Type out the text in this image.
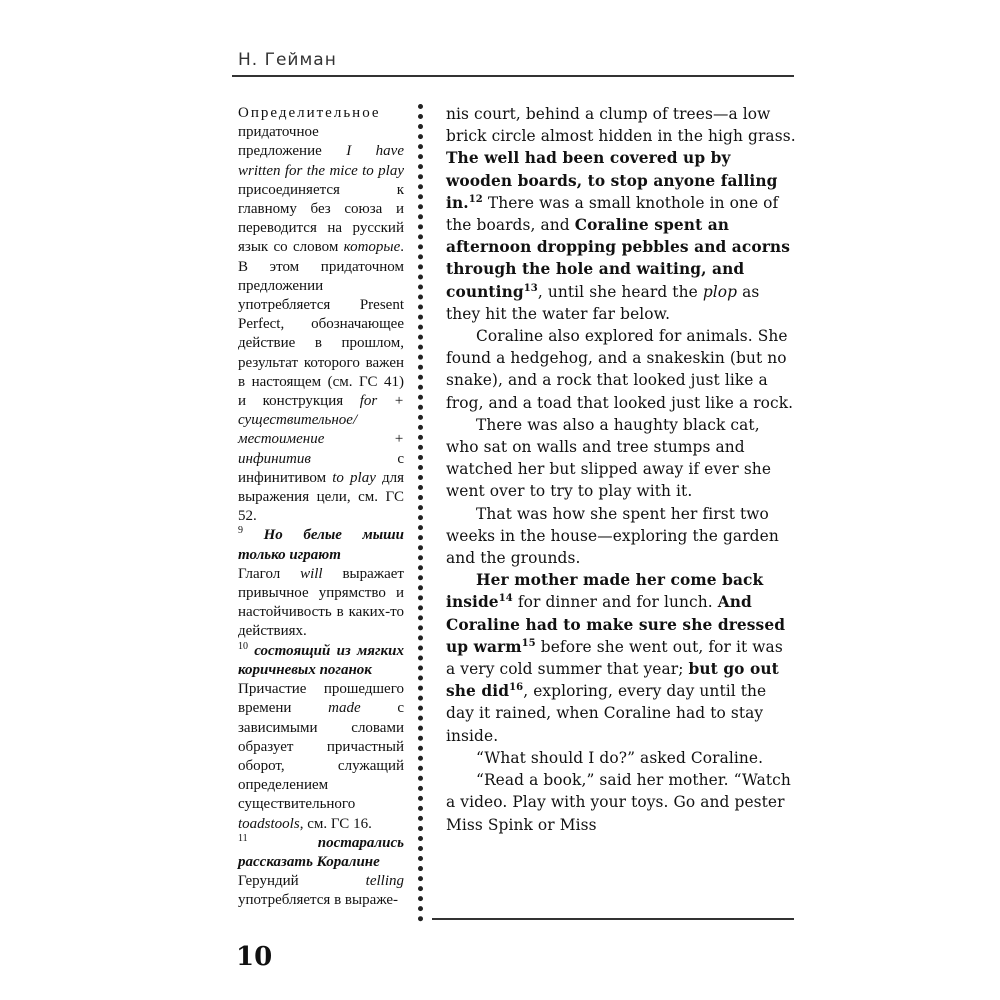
Н. Гейман

Определительное придаточное предложение I have written for the mice to play присоединяется к главному без союза и переводится на русский язык со словом которые. В этом придаточном предложении употребляется Present Perfect, обозначающее действие в прошлом, результат которого важен в настоящем (см. ГС 41) и конструкция for + существительное/местоимение + инфинитив	с инфинитивом to play для выражения цели, см. ГС 52.

$^9$ Но белые мыши только играют

Глагол will выражает привычное упрямство и настойчивость в каких-то действиях.

$^{10}$ состоящий из мягких коричневых поганок

Причастие прошедшего времени made с зависимыми словами образует причастный оборот, служащий определением существительного toadstools, см. ГС 16.

$^{11}$	постарались рассказать Коралине

Герундий	telling употребляется в выраже-

nis court, behind a clump of trees—a low brick circle almost hidden in the high grass. The well had been covered up by wooden boards, to stop anyone falling in.$^{12}$ There was a small knothole in one of the boards, and Coraline spent an afternoon dropping pebbles and acorns through the hole and waiting, and counting$^{13}$, until she heard the plop as they hit the water far below.

Coraline also explored for animals. She found a hedgehog, and a snakeskin (but no snake), and a rock that looked just like a frog, and a toad that looked just like a rock.

There was also a haughty black cat, who sat on walls and tree stumps and watched her but slipped away if ever she went over to try to play with it.

That was how she spent her first two weeks in the house—exploring the garden and the grounds.

Her mother made her come back inside$^{14}$ for dinner and for lunch. And Coraline had to make sure she dressed up warm$^{15}$ before she went out, for it was a very cold summer that year; but go out she did$^{16}$, exploring, every day until the day it rained, when Coraline had to stay inside.

“What should I do?” asked Coraline.

“Read a book,” said her mother. “Watch a video. Play with your toys. Go and pester Miss Spink or Miss

10
